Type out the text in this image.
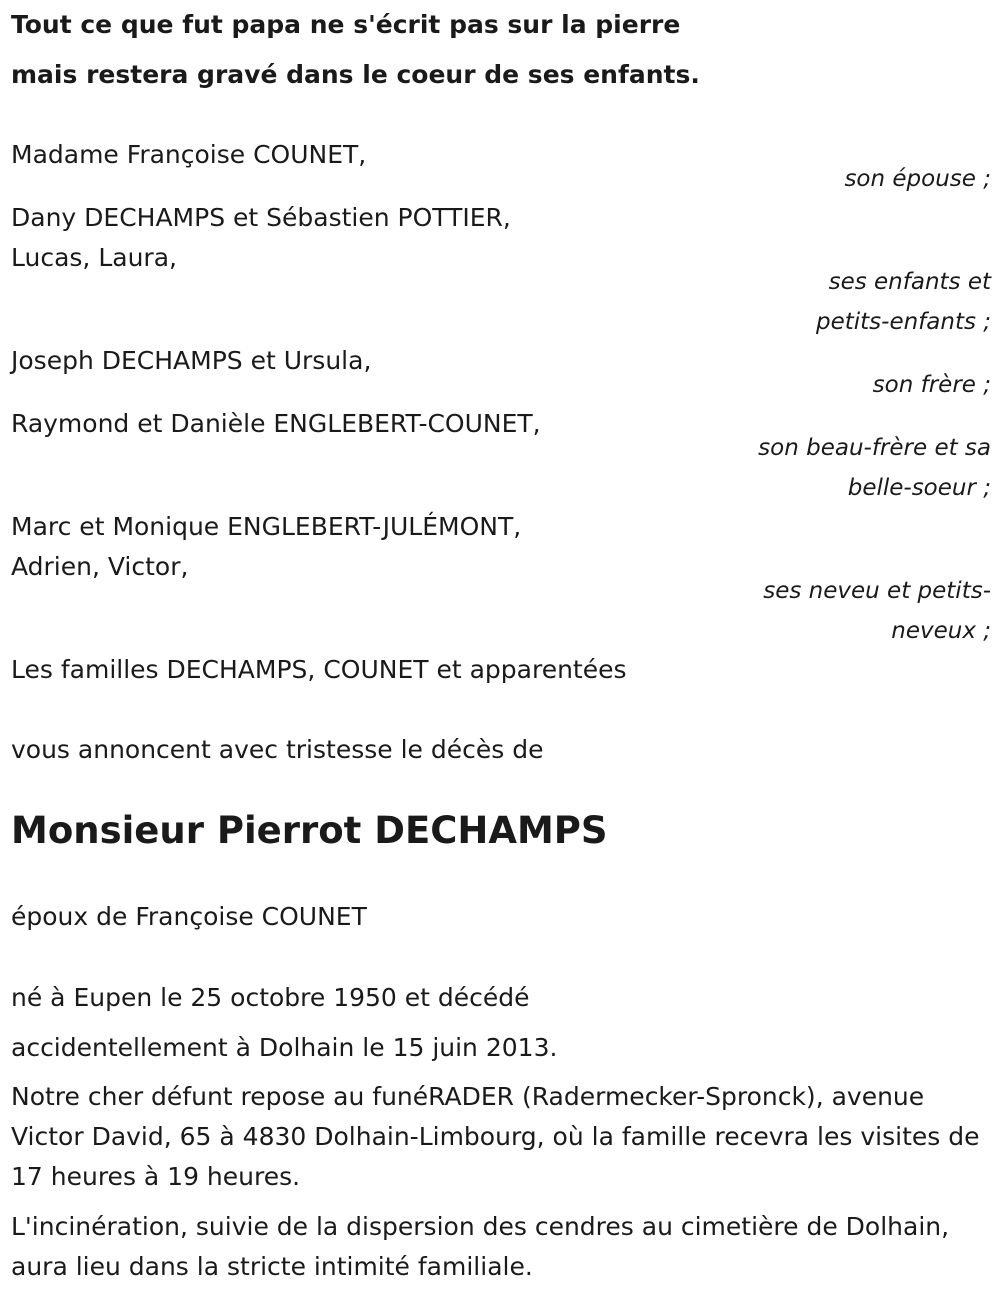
Tout ce que fut papa ne s'écrit pas sur la pierre
mais restera gravé dans le coeur de ses enfants.
Madame Françoise COUNET,
son épouse ;
Dany DECHAMPS et Sébastien POTTIER,
Lucas, Laura,
ses enfants et
petits-enfants ;
Joseph DECHAMPS et Ursula,
son frère ;
Raymond et Danièle ENGLEBERT-COUNET,
son beau-frère et sa
belle-soeur ;
Marc et Monique ENGLEBERT-JULÉMONT,
Adrien, Victor,
ses neveu et petits-
neveux ;
Les familles DECHAMPS, COUNET et apparentées
vous annoncent avec tristesse le décès de
Monsieur Pierrot DECHAMPS
époux de Françoise COUNET
né à Eupen le 25 octobre 1950 et décédé
accidentellement à Dolhain le 15 juin 2013.
Notre cher défunt repose au funéRADER (Radermecker-Spronck), avenue Victor David, 65 à 4830 Dolhain-Limbourg, où la famille recevra les visites de 17 heures à 19 heures.
L'incinération, suivie de la dispersion des cendres au cimetière de Dolhain, aura lieu dans la stricte intimité familiale.
